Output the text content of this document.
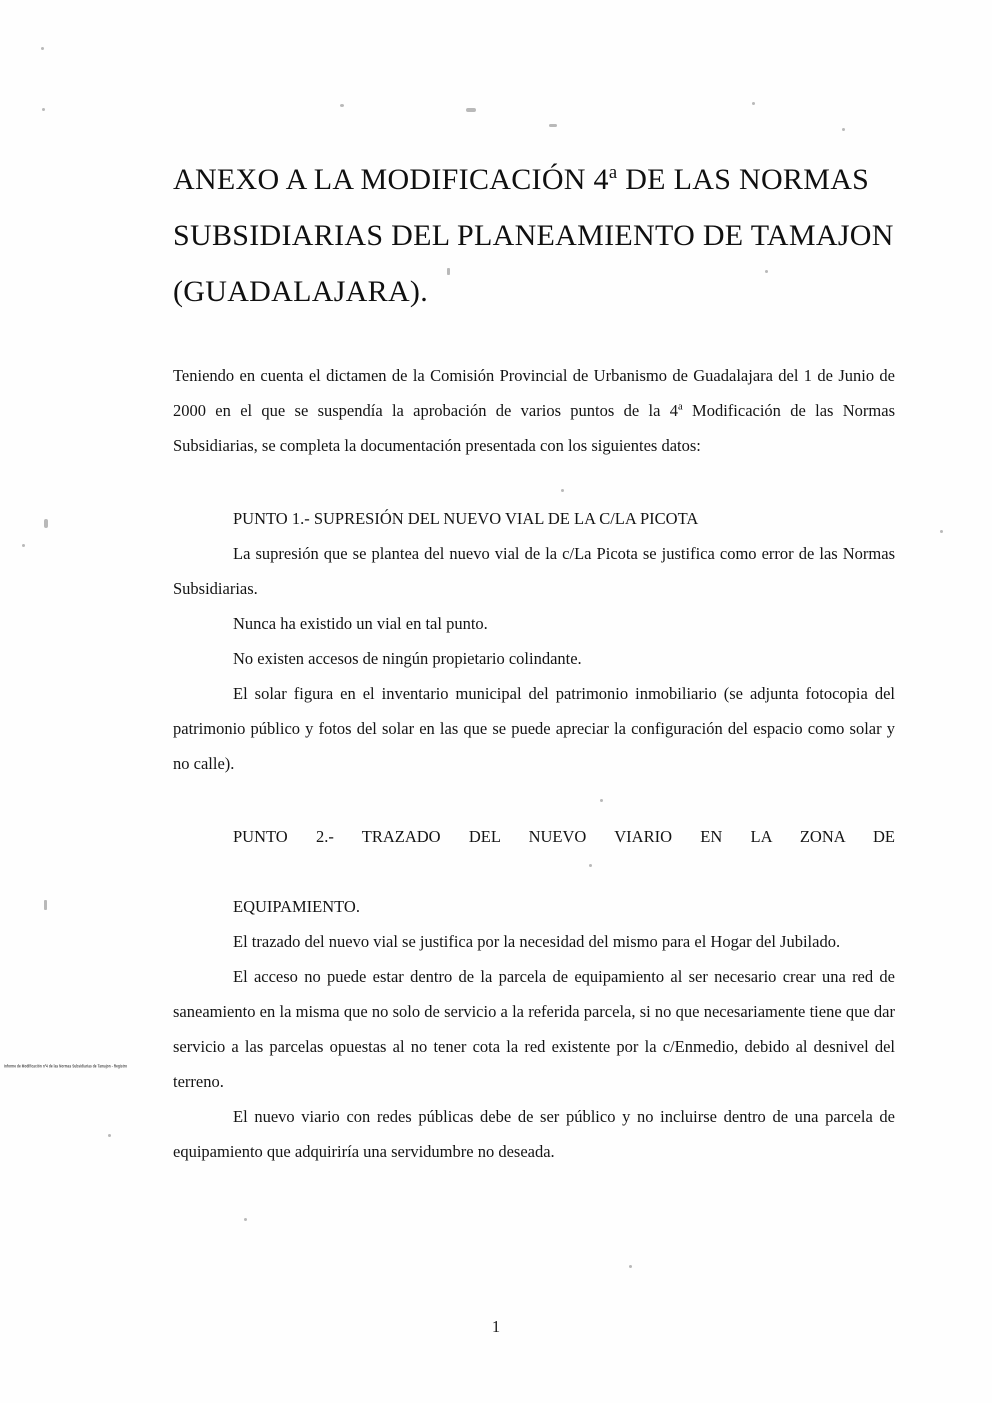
ANEXO A LA MODIFICACIÓN 4$^a$ DE LAS NORMAS
SUBSIDIARIAS DEL PLANEAMIENTO DE TAMAJON
(GUADALAJARA).

Teniendo en cuenta el dictamen de la Comisión Provincial de Urbanismo de Guadalajara del 1 de Junio de 2000 en el que se suspendía la aprobación de varios puntos de la 4$^a$ Modificación de las Normas Subsidiarias, se completa la documentación presentada con los siguientes datos:

PUNTO 1.- SUPRESIÓN DEL NUEVO VIAL DE LA C/LA PICOTA

La supresión que se plantea del nuevo vial de la c/La Picota se justifica como error de las Normas Subsidiarias.

Nunca ha existido un vial en tal punto.

No existen accesos de ningún propietario colindante.

El solar figura en el inventario municipal del patrimonio inmobiliario (se adjunta fotocopia del patrimonio público y fotos del solar en las que se puede apreciar la configuración del espacio como solar y no calle).

PUNTO 2.- TRAZADO DEL NUEVO VIARIO EN LA ZONA DE
EQUIPAMIENTO.

El trazado del nuevo vial se justifica por la necesidad del mismo para el Hogar del Jubilado.

El acceso no puede estar dentro de la parcela de equipamiento al ser necesario crear una red de saneamiento en la misma que no solo de servicio a la referida parcela, si no que necesariamente tiene que dar servicio a las parcelas opuestas al no tener cota la red existente por la c/Enmedio, debido al desnivel del terreno.

El nuevo viario con redes públicas debe de ser público y no incluirse dentro de una parcela de equipamiento que adquiriría una servidumbre no deseada.

Informe de Modificación nº4 de las Normas Subsidiarias de Tamajon - Registro
1
